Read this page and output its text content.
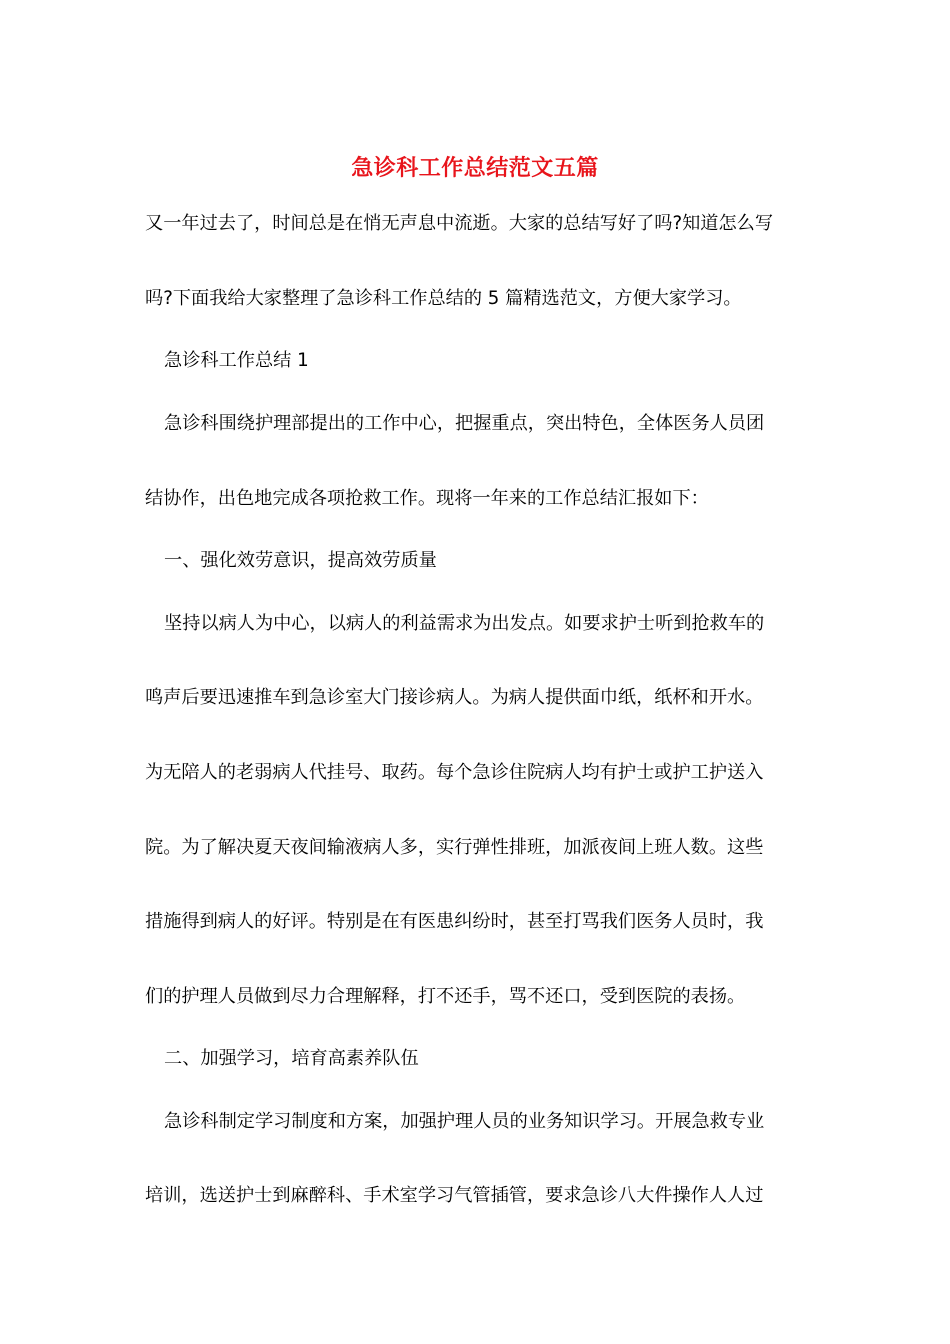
急诊科工作总结范文五篇
又一年过去了，时间总是在悄无声息中流逝。大家的总结写好了吗?知道怎么写
吗?下面我给大家整理了急诊科工作总结的 5 篇精选范文，方便大家学习。
急诊科工作总结 1
急诊科围绕护理部提出的工作中心，把握重点，突出特色，全体医务人员团
结协作，出色地完成各项抢救工作。现将一年来的工作总结汇报如下：
一、强化效劳意识，提高效劳质量
坚持以病人为中心，以病人的利益需求为出发点。如要求护士听到抢救车的
鸣声后要迅速推车到急诊室大门接诊病人。为病人提供面巾纸，纸杯和开水。
为无陪人的老弱病人代挂号、取药。每个急诊住院病人均有护士或护工护送入
院。为了解决夏天夜间输液病人多，实行弹性排班，加派夜间上班人数。这些
措施得到病人的好评。特别是在有医患纠纷时，甚至打骂我们医务人员时，我
们的护理人员做到尽力合理解释，打不还手，骂不还口，受到医院的表扬。
二、加强学习，培育高素养队伍
急诊科制定学习制度和方案，加强护理人员的业务知识学习。开展急救专业
培训，选送护士到麻醉科、手术室学习气管插管，要求急诊八大件操作人人过
